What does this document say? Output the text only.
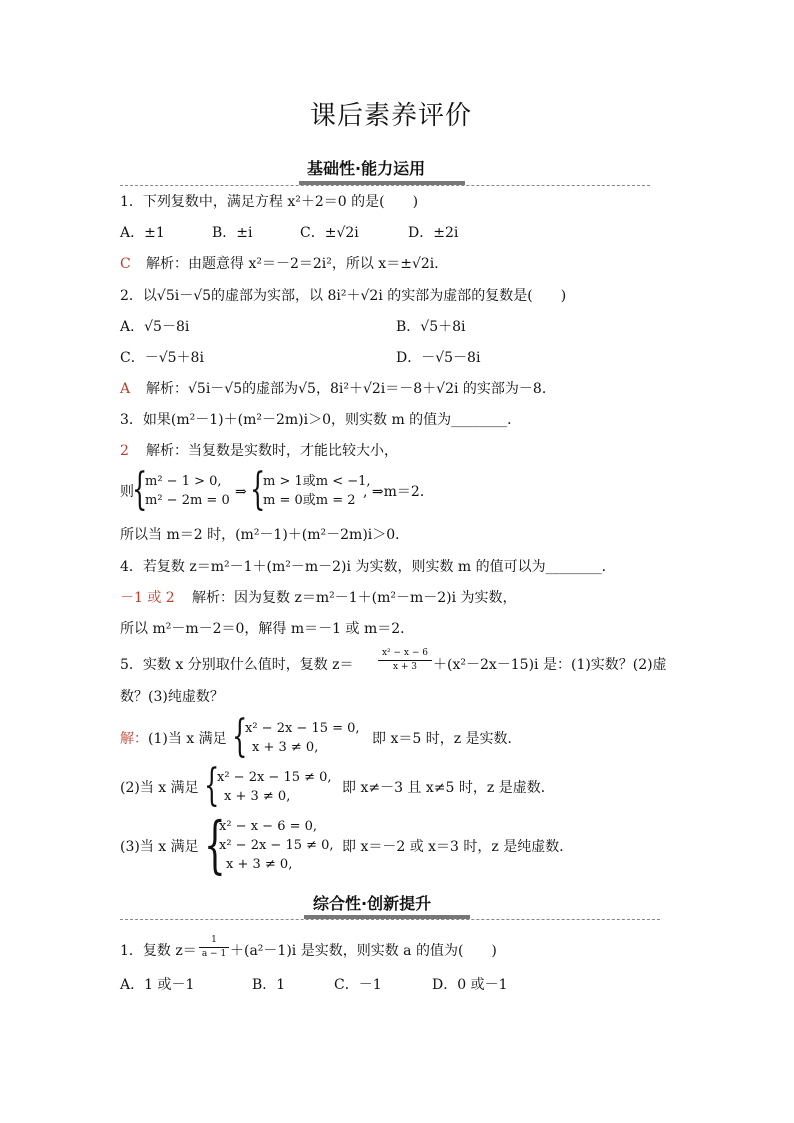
课后素养评价
基础性·能力运用
1．下列复数中，满足方程 x²＋2＝0 的是(　　)
A．±1	B．±i	C．±√2i	D．±2i
C 解析：由题意得 x²＝－2＝2i²，所以 x＝±√2i．
2．以√5i－√5的虚部为实部，以 8i²＋√2i 的实部为虚部的复数是(　　)
A．√5－8i	B．√5＋8i
C．－√5＋8i	D．－√5－8i
A 解析：√5i－√5的虚部为√5，8i²＋√2i＝－8＋√2i 的实部为－8．
3．如果(m²－1)＋(m²－2m)i＞0，则实数 m 的值为________．
2 解析：当复数是实数时，才能比较大小，
则
{
m² − 1 > 0,
m² − 2m = 0
⇒ {
m > 1或m < −1,
m = 0或m = 2
, ⇒m＝2．
所以当 m＝2 时，(m²－1)＋(m²－2m)i＞0．
4．若复数 z＝m²－1＋(m²－m－2)i 为实数，则实数 m 的值可以为________．
－1 或 2 解析：因为复数 z＝m²－1＋(m²－m－2)i 为实数，
所以 m²－m－2＝0，解得 m＝－1 或 m＝2．
5．实数 x 分别取什么值时，复数 z＝	$\frac{\text{x² − x − 6}}{x + 3} +(x^2-2x-15)i$ 是：(1)实数？(2)虚
数？(3)纯虚数？
解： (1)当 x 满足 {
x² − 2x − 15 = 0,
x + 3 ≠ 0,
即 x＝5 时，z 是实数．
(2)当 x 满足 {
x² − 2x − 15 ≠ 0,
x + 3 ≠ 0,
即 x≠－3 且 x≠5 时，z 是虚数．
(3)当 x 满足 {
x² − x − 6 = 0,
x² − 2x − 15 ≠ 0,
x + 3 ≠ 0,
即 x＝－2 或 x＝3 时，z 是纯虚数．
综合性·创新提升
1．复数 $z= \frac{1}{a - 1} +(a^2-1)i$ 是实数，则实数 a 的值为(　　)
A．1 或－1	B．1	C．－1	D．0 或－1
